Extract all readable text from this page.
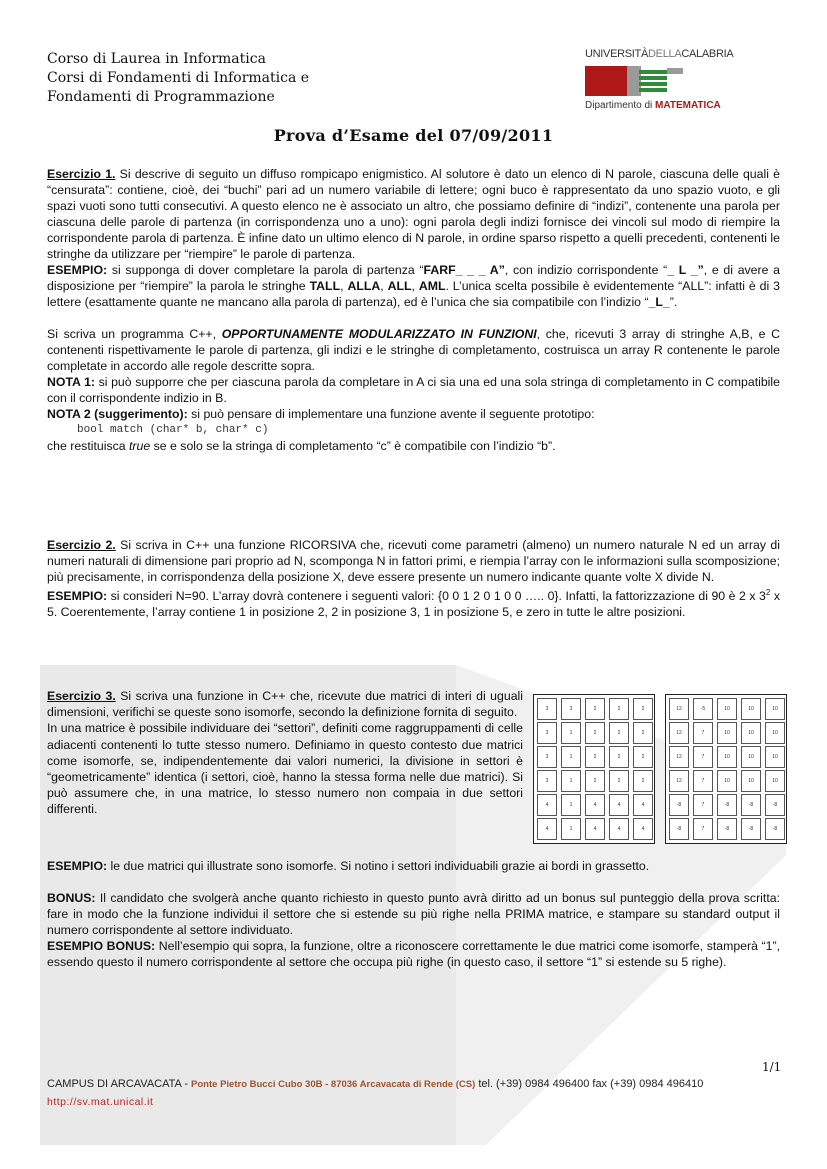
Corso di Laurea in Informatica
Corsi di Fondamenti di Informatica e
Fondamenti di Programmazione
UNIVERSITÀDELLACALABRIA
Dipartimento di MATEMATICA
Prova d’Esame del 07/09/2011

Esercizio 1. Si descrive di seguito un diffuso rompicapo enigmistico. Al solutore è dato un elenco di N parole, ciascuna delle quali è “censurata”: contiene, cioè, dei “buchi” pari ad un numero variabile di lettere; ogni buco è rappresentato da uno spazio vuoto, e gli spazi vuoti sono tutti consecutivi. A questo elenco ne è associato un altro, che possiamo definire di “indizi”, contenente una parola per ciascuna delle parole di partenza (in corrispondenza uno a uno): ogni parola degli indizi fornisce dei vincoli sul modo di riempire la corrispondente parola di partenza. È infine dato un ultimo elenco di N parole, in ordine sparso rispetto a quelli precedenti, contenenti le stringhe da utilizzare per “riempire” le parole di partenza.

ESEMPIO: si supponga di dover completare la parola di partenza “FARF_ _ _ A”, con indizio corrispondente “_ L _”, e di avere a disposizione per “riempire” la parola le stringhe TALL, ALLA, ALL, AML. L’unica scelta possibile è evidentemente “ALL”: infatti è di 3 lettere (esattamente quante ne mancano alla parola di partenza), ed è l’unica che sia compatibile con l’indizio “_L_”.

Si scriva un programma C++, OPPORTUNAMENTE MODULARIZZATO IN FUNZIONI, che, ricevuti 3 array di stringhe A,B, e C contenenti rispettivamente le parole di partenza, gli indizi e le stringhe di completamento, costruisca un array R contenente le parole completate in accordo alle regole descritte sopra.

NOTA 1: si può supporre che per ciascuna parola da completare in A ci sia una ed una sola stringa di completamento in C compatibile con il corrispondente indizio in B.

NOTA 2 (suggerimento): si può pensare di implementare una funzione avente il seguente prototipo:

bool match (char* b, char* c)

che restituisca true se e solo se la stringa di completamento “c” è compatibile con l’indizio “b”.

Esercizio 2. Si scriva in C++ una funzione RICORSIVA che, ricevuti come parametri (almeno) un numero naturale N ed un array di numeri naturali di dimensione pari proprio ad N, scomponga N in fattori primi, e riempia l’array con le informazioni sulla scomposizione; più precisamente, in corrispondenza della posizione X, deve essere presente un numero indicante quante volte X divide N.

ESEMPIO: si consideri N=90. L’array dovrà contenere i seguenti valori: {0 0 1 2 0 1 0 0 ….. 0}. Infatti, la fattorizzazione di 90 è 2 x $3^2$ x 5. Coerentemente, l’array contiene 1 in posizione 2, 2 in posizione 3, 1 in posizione 5, e zero in tutte le altre posizioni.

Esercizio 3. Si scriva una funzione in C++ che, ricevute due matrici di interi di uguali dimensioni, verifichi se queste sono isomorfe, secondo la definizione fornita di seguito.

In una matrice è possibile individuare dei “settori”, definiti come raggruppamenti di celle adiacenti contenenti lo tutte stesso numero. Definiamo in questo contesto due matrici come isomorfe, se, indipendentemente dai valori numerici, la divisione in settori è “geometricamente” identica (i settori, cioè, hanno la stessa forma nelle due matrici). Si può assumere che, in una matrice, lo stesso numero non compaia in due settori differenti.

3	3	2	2	2
3	1	2	2	2
3	1	2	2	2
3	1	2	2	2
4	1	4	4	4
4	1	4	4	4
12	-5	10	10	10
12	7	10	10	10
12	7	10	10	10
12	7	10	10	10
-8	7	-8	-8	-8
-8	7	-8	-8	-8

ESEMPIO: le due matrici qui illustrate sono isomorfe. Si notino i settori individuabili grazie ai bordi in grassetto.

BONUS: Il candidato che svolgerà anche quanto richiesto in questo punto avrà diritto ad un bonus sul punteggio della prova scritta: fare in modo che la funzione individui il settore che si estende su più righe nella PRIMA matrice, e stampare su standard output il numero corrispondente al settore individuato.

ESEMPIO BONUS: Nell’esempio qui sopra, la funzione, oltre a riconoscere correttamente le due matrici come isomorfe, stamperà “1”, essendo questo il numero corrispondente al settore che occupa più righe (in questo caso, il settore “1” si estende su 5 righe).

1/1
CAMPUS DI ARCAVACATA - Ponte Pietro Bucci Cubo 30B - 87036 Arcavacata di Rende (CS) tel. (+39) 0984 496400 fax (+39) 0984 496410
http://sv.mat.unical.it
